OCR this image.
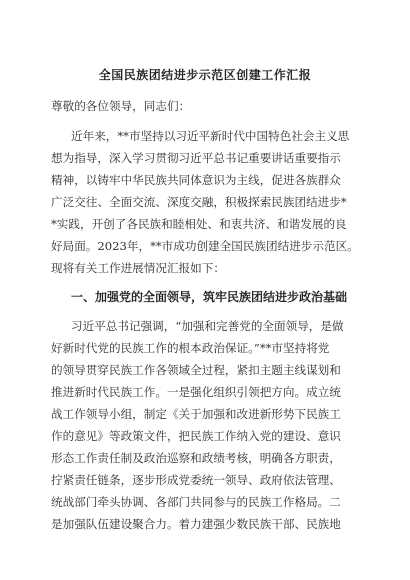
全国民族团结进步示范区创建工作汇报
尊敬的各位领导，同志们：
近年来，**市坚持以习近平新时代中国特色社会主义思
想为指导，深入学习贯彻习近平总书记重要讲话重要指示
精神，以铸牢中华民族共同体意识为主线，促进各族群众
广泛交往、全面交流、深度交融，积极探索民族团结进步*
*实践，开创了各民族和睦相处、和衷共济、和谐发展的良
好局面。2023年，**市成功创建全国民族团结进步示范区。
现将有关工作进展情况汇报如下：
一、加强党的全面领导，筑牢民族团结进步政治基础
习近平总书记强调，“加强和完善党的全面领导，是做
好新时代党的民族工作的根本政治保证。”**市坚持将党
的领导贯穿民族工作各领域全过程，紧扣主题主线谋划和
推进新时代民族工作。一是强化组织引领把方向。成立统
战工作领导小组，制定《关于加强和改进新形势下民族工
作的意见》等政策文件，把民族工作纳入党的建设、意识
形态工作责任制及政治巡察和政绩考核，明确各方职责，
拧紧责任链条，逐步形成党委统一领导、政府依法管理、
统战部门牵头协调、各部门共同参与的民族工作格局。二
是加强队伍建设聚合力。着力建强少数民族干部、民族地
